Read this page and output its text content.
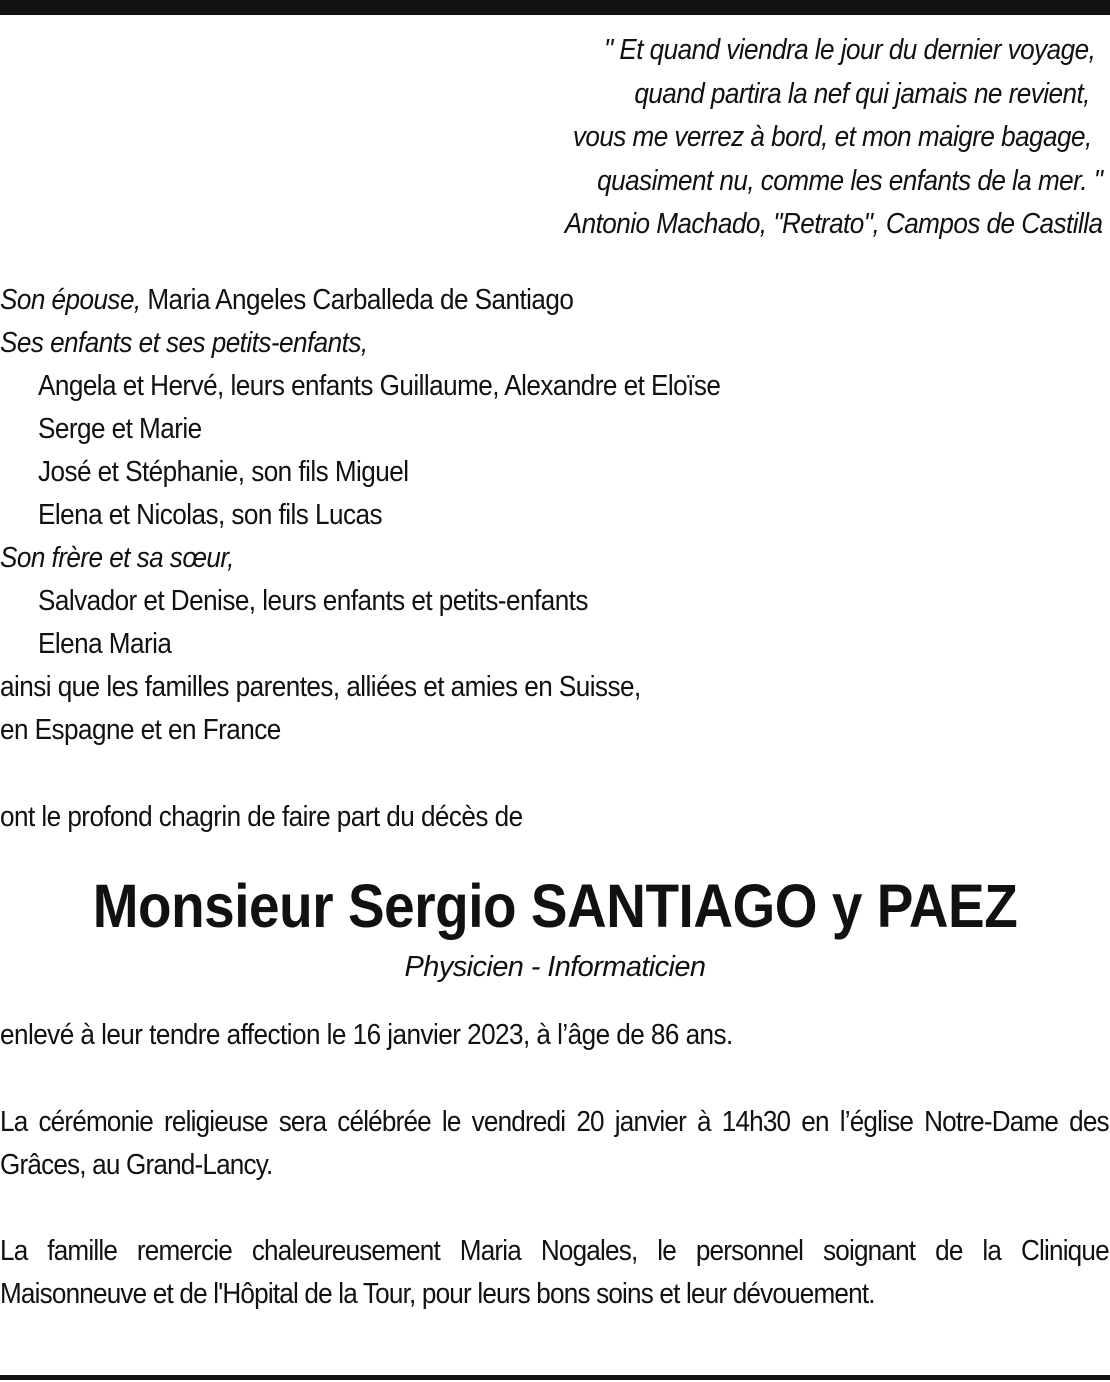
" Et quand viendra le jour du dernier voyage,
quand partira la nef qui jamais ne revient,
vous me verrez à bord, et mon maigre bagage,
quasiment nu, comme les enfants de la mer. "
Antonio Machado, "Retrato", Campos de Castilla
Son épouse, Maria Angeles Carballeda de Santiago
Ses enfants et ses petits-enfants,
Angela et Hervé, leurs enfants Guillaume, Alexandre et Eloïse
Serge et Marie
José et Stéphanie, son fils Miguel
Elena et Nicolas, son fils Lucas
Son frère et sa sœur,
Salvador et Denise, leurs enfants et petits-enfants
Elena Maria
ainsi que les familles parentes, alliées et amies en Suisse,
en Espagne et en France
ont le profond chagrin de faire part du décès de
Monsieur Sergio SANTIAGO y PAEZ
Physicien - Informaticien
enlevé à leur tendre affection le 16 janvier 2023, à l’âge de 86 ans.
La cérémonie religieuse sera célébrée le vendredi 20 janvier à 14h30 en l’église Notre-Dame des Grâces, au Grand-Lancy.
La famille remercie chaleureusement Maria Nogales, le personnel soignant de la Clinique Maisonneuve et de l'Hôpital de la Tour, pour leurs bons soins et leur dévouement.
